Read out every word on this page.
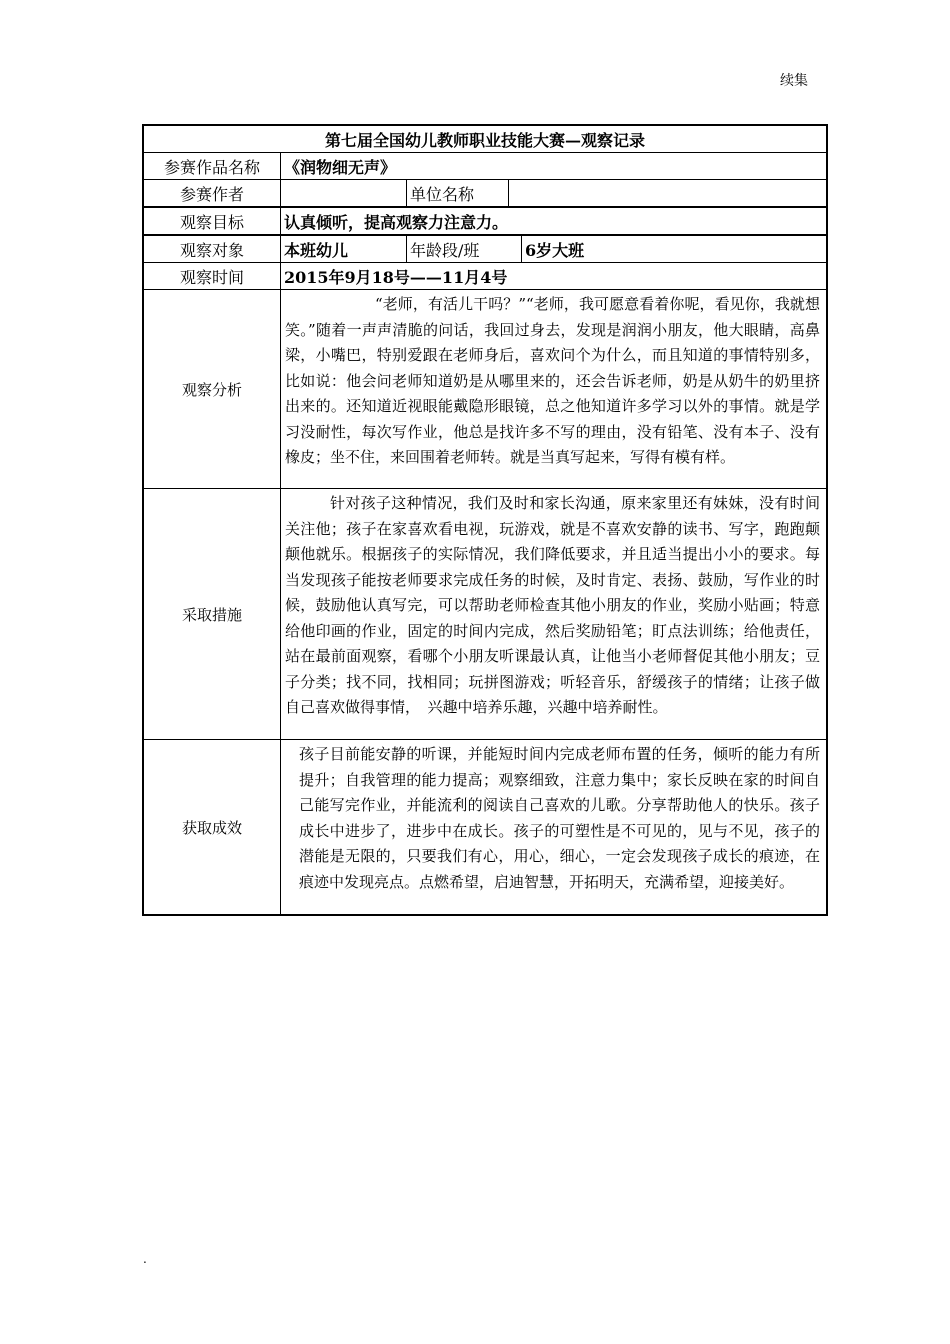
续集
第七届全国幼儿教师职业技能大赛—观察记录
参赛作品名称	《润物细无声》
参赛作者	单位名称
观察目标	认真倾听，提高观察力注意力。
观察对象	本班幼儿	年龄段/班	6岁大班
观察时间	2015年9月18号——11月4号
观察分析
“老师，有活儿干吗？”“老师，我可愿意看着你呢，看见你，我就想笑。”随着一声声清脆的问话，我回过身去，发现是润润小朋友，他大眼睛，高鼻梁，小嘴巴，特别爱跟在老师身后，喜欢问个为什么，而且知道的事情特别多，比如说：他会问老师知道奶是从哪里来的，还会告诉老师，奶是从奶牛的奶里挤出来的。还知道近视眼能戴隐形眼镜，总之他知道许多学习以外的事情。就是学习没耐性，每次写作业，他总是找许多不写的理由，没有铅笔、没有本子、没有橡皮；坐不住，来回围着老师转。就是当真写起来，写得有模有样。
采取措施
针对孩子这种情况，我们及时和家长沟通，原来家里还有妹妹，没有时间关注他；孩子在家喜欢看电视，玩游戏，就是不喜欢安静的读书、写字，跑跑颠颠他就乐。根据孩子的实际情况，我们降低要求，并且适当提出小小的要求。每当发现孩子能按老师要求完成任务的时候，及时肯定、表扬、鼓励，写作业的时候，鼓励他认真写完，可以帮助老师检查其他小朋友的作业，奖励小贴画；特意给他印画的作业，固定的时间内完成，然后奖励铅笔；盯点法训练；给他责任，站在最前面观察，看哪个小朋友听课最认真，让他当小老师督促其他小朋友；豆子分类；找不同，找相同；玩拼图游戏；听轻音乐，舒缓孩子的情绪；让孩子做自己喜欢做得事情，　兴趣中培养乐趣，兴趣中培养耐性。
获取成效
孩子目前能安静的听课，并能短时间内完成老师布置的任务，倾听的能力有所提升；自我管理的能力提高；观察细致，注意力集中；家长反映在家的时间自己能写完作业，并能流利的阅读自己喜欢的儿歌。分享帮助他人的快乐。孩子成长中进步了，进步中在成长。孩子的可塑性是不可见的，见与不见，孩子的潜能是无限的，只要我们有心，用心，细心，一定会发现孩子成长的痕迹，在痕迹中发现亮点。点燃希望，启迪智慧，开拓明天，充满希望，迎接美好。
.
